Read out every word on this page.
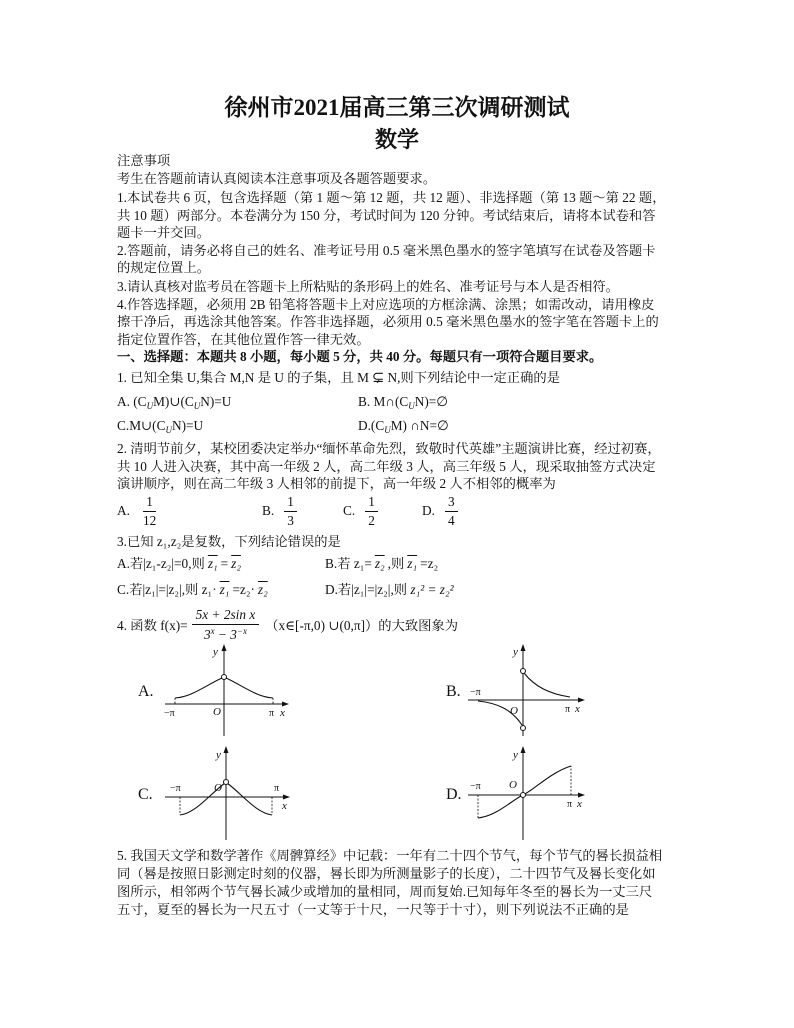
徐州市2021届高三第三次调研测试
数学
注意事项
考生在答题前请认真阅读本注意事项及各题答题要求。
1.本试卷共 6 页，包含选择题（第 1 题～第 12 题，共 12 题）、非选择题（第 13 题～第 22 题，
共 10 题）两部分。本卷满分为 150 分，考试时间为 120 分钟。考试结束后，请将本试卷和答
题卡一并交回。
2.答题前，请务必将自己的姓名、准考证号用 0.5 毫米黑色墨水的签字笔填写在试卷及答题卡
的规定位置上。
3.请认真核对监考员在答题卡上所粘贴的条形码上的姓名、准考证号与本人是否相符。
4.作答选择题，必须用 2B 铅笔将答题卡上对应选项的方框涂满、涂黑；如需改动，请用橡皮
擦干净后，再选涂其他答案。作答非选择题，必须用 0.5 毫米黑色墨水的签字笔在答题卡上的
指定位置作答，在其他位置作答一律无效。
一、选择题：本题共 8 小题，每小题 5 分，共 40 分。每题只有一项符合题目要求。
1. 已知全集 U,集合 M,N 是 U 的子集，且 M ⊊ N,则下列结论中一定正确的是
A. $(C_UM)\cup(C_UN)=U$	B. $M\cap(C_UN)=\emptyset$
$C.M\cup(C_UN)=U$	$D.(C_UM)$ ∩N=∅
2. 清明节前夕，某校团委决定举办“缅怀革命先烈，致敬时代英雄”主题演讲比赛，经过初赛，
共 10 人进入决赛，其中高一年级 2 人，高二年级 3 人，高三年级 5 人，现采取抽签方式决定
演讲顺序，则在高二年级 3 人相邻的前提下，高一年级 2 人不相邻的概率为
A. $\frac{1}{12}$	B. $\frac{1}{3}$	C. $\frac{1}{2}$	D. $\frac{3}{4}$
3.已知 z₁,z₂是复数，下列结论错误的是
A.若|z₁-z₂|=0,则 z₁ = z₂	B.若 z₁= z₂ ,则 z₁ =z₂
C.若|z₁|=|z₂|,则 z₁· z₁ =z₂· z₂	D.若|z₁|=|z₂|,则 z₁² = z₂²
4. 函数 $f(x)= \frac{\text{5x + 2sin x}}{3^x - 3^{-x}}$ （x∈[-π,0) ∪(0,π]）的大致图象为
A.
y
−π	O	π x
B.
y
−π
O	π x
C.
y
−π	O	π
x
D.
y
−π	O
π x
5. 我国天文学和数学著作《周髀算经》中记载：一年有二十四个节气，每个节气的晷长损益相
同（晷是按照日影测定时刻的仪器，晷长即为所测量影子的长度），二十四节气及晷长变化如
图所示，相邻两个节气晷长减少或增加的量相同，周而复始.已知每年冬至的晷长为一丈三尺
五寸，夏至的晷长为一尺五寸（一丈等于十尺，一尺等于十寸），则下列说法不正确的是
